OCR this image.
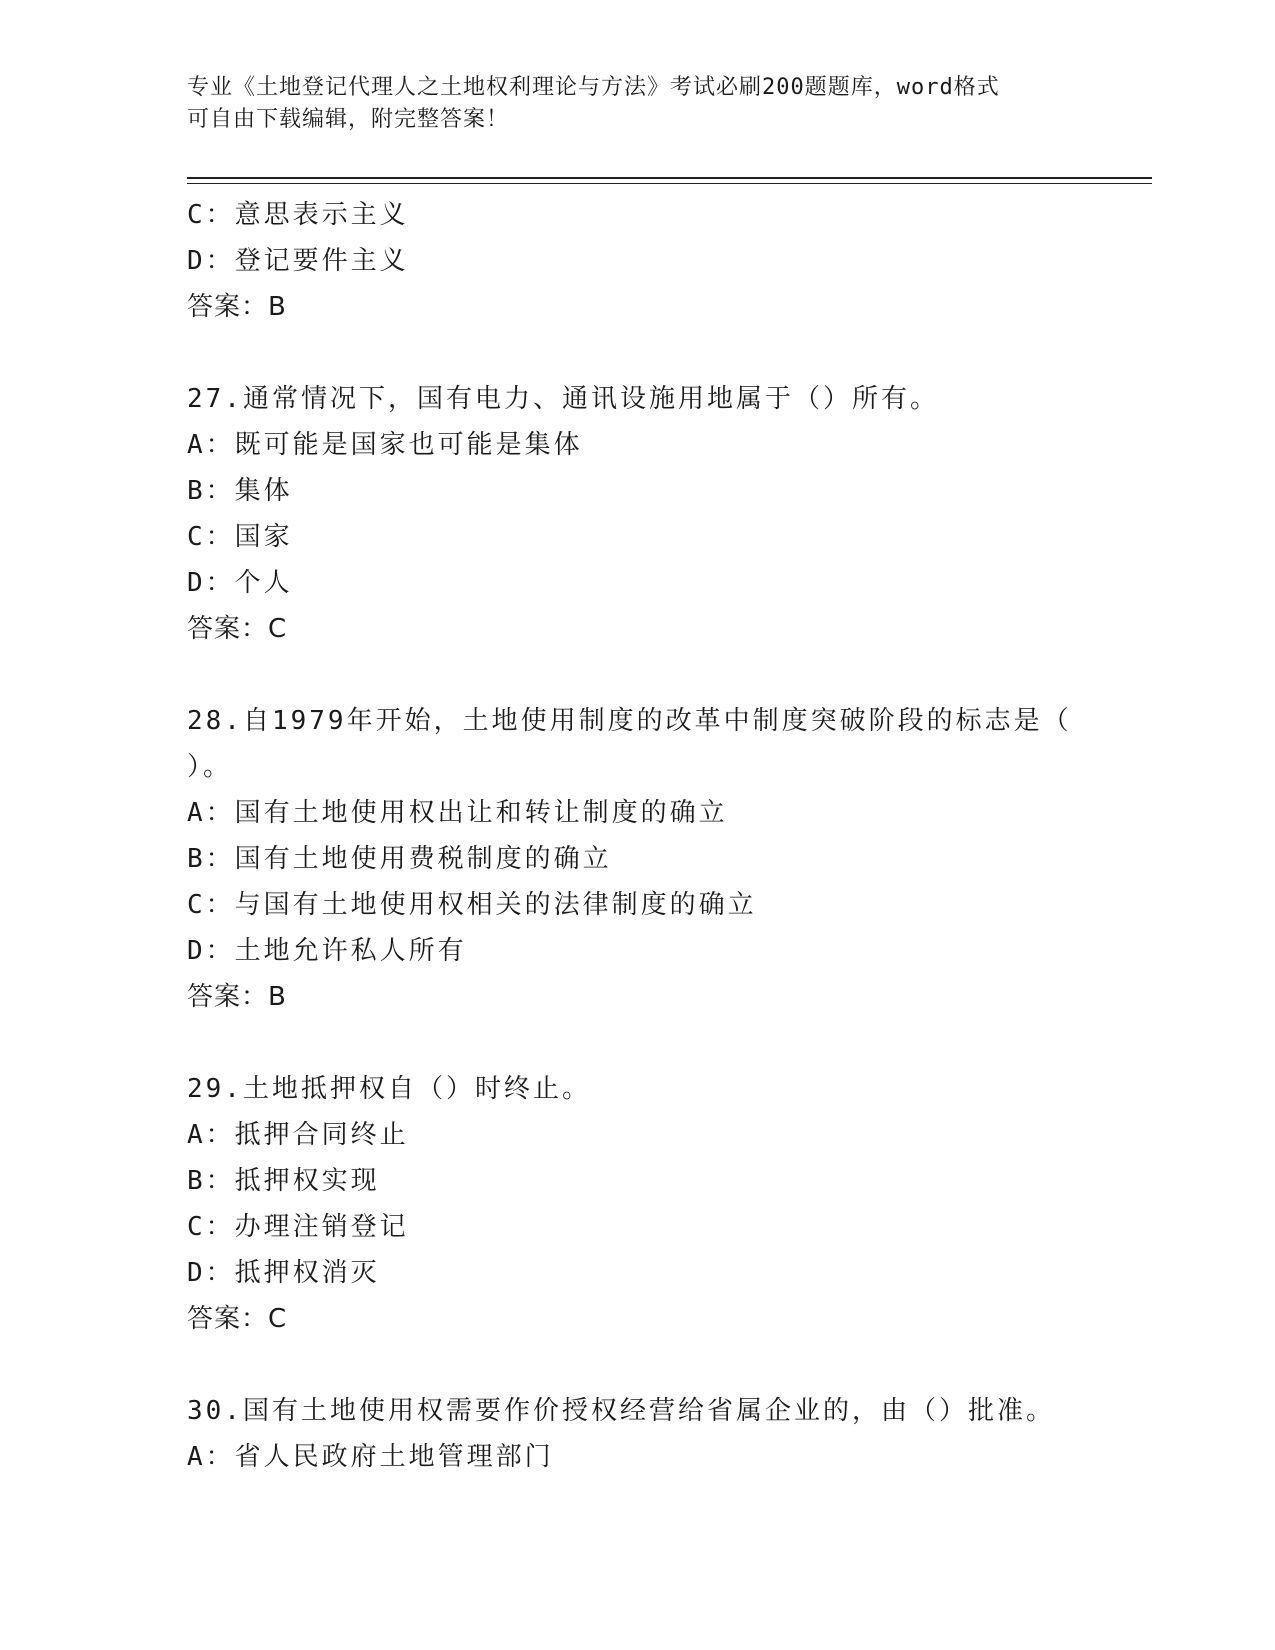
专业《土地登记代理人之土地权利理论与方法》考试必刷200题题库，word格式
可自由下载编辑，附完整答案！
C：意思表示主义
D：登记要件主义
答案：B
27.通常情况下，国有电力、通讯设施用地属于（）所有。
A：既可能是国家也可能是集体
B：集体
C：国家
D：个人
答案：C
28.自1979年开始，土地使用制度的改革中制度突破阶段的标志是（
）。
A：国有土地使用权出让和转让制度的确立
B：国有土地使用费税制度的确立
C：与国有土地使用权相关的法律制度的确立
D：土地允许私人所有
答案：B
29.土地抵押权自（）时终止。
A：抵押合同终止
B：抵押权实现
C：办理注销登记
D：抵押权消灭
答案：C
30.国有土地使用权需要作价授权经营给省属企业的，由（）批准。
A：省人民政府土地管理部门
